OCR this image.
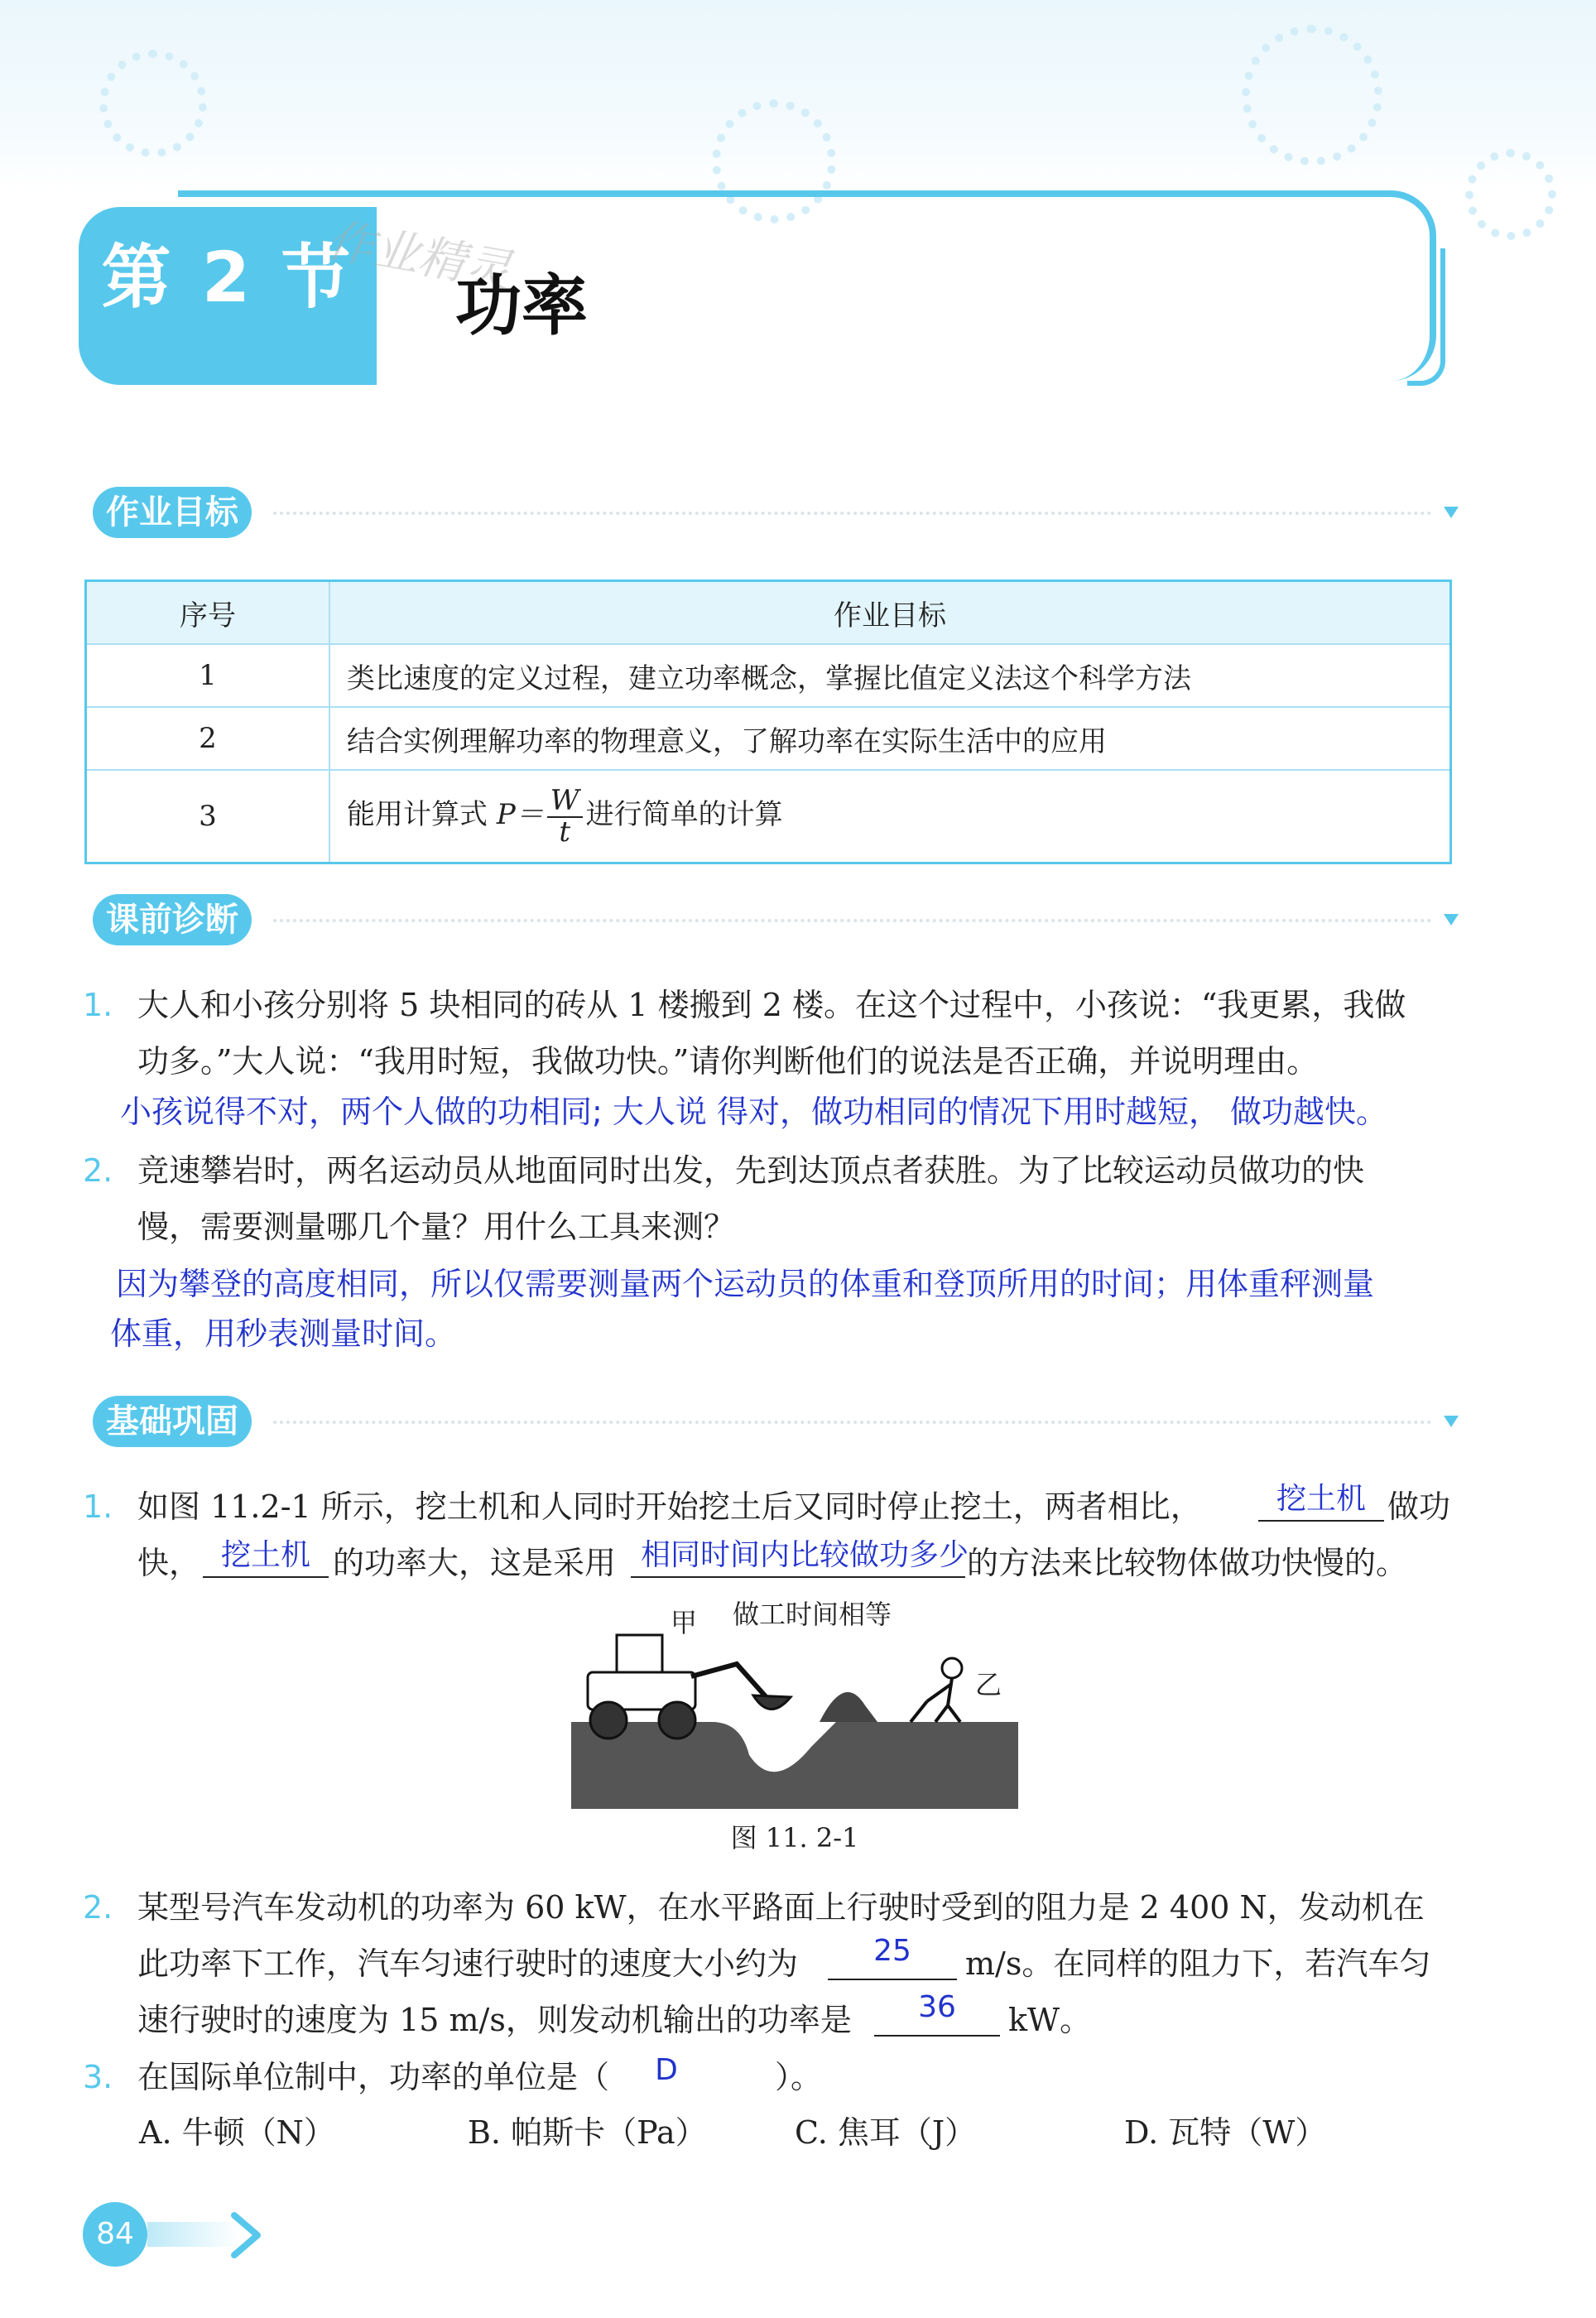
第 2 节
作业精灵
功率
作业目标
序号	作业目标
1	类比速度的定义过程，建立功率概念，掌握比值定义法这个科学方法
2	结合实例理解功率的物理意义，了解功率在实际生活中的应用
3	能用计算式 $P= \frac{W}{t}$ 进行简单的计算
课前诊断
1. 大人和小孩分别将 5 块相同的砖从 1 楼搬到 2 楼。在这个过程中，小孩说：“我更累，我做
功多。”大人说：“我用时短，我做功快。”请你判断他们的说法是否正确，并说明理由。
小孩说得不对，两个人做的功相同; 大人说 得对，做功相同的情况下用时越短， 做功越快。
2. 竞速攀岩时，两名运动员从地面同时出发，先到达顶点者获胜。为了比较运动员做功的快
慢，需要测量哪几个量？用什么工具来测？
因为攀登的高度相同，所以仅需要测量两个运动员的体重和登顶所用的时间；用体重秤测量
体重，用秒表测量时间。
基础巩固
1. 如图 11.2-1 所示，挖土机和人同时开始挖土后又同时停止挖土，两者相比，	做功
快，	的功率大，这是采用	的方法来比较物体做功快慢的。
挖土机
挖土机	相同时间内比较做功多少
甲 做工时间相等
乙
图 11. 2-1
2. 某型号汽车发动机的功率为 60 kW，在水平路面上行驶时受到的阻力是 2 400 N，发动机在
此功率下工作，汽车匀速行驶时的速度大小约为	m/s。在同样的阻力下，若汽车匀
速行驶时的速度为 15 m/s，则发动机输出的功率是	kW。
25
36
3. 在国际单位制中，功率的单位是（	）。
D
A. 牛顿（N）	B. 帕斯卡（Pa）	C. 焦耳（J）	D. 瓦特（W）
84
